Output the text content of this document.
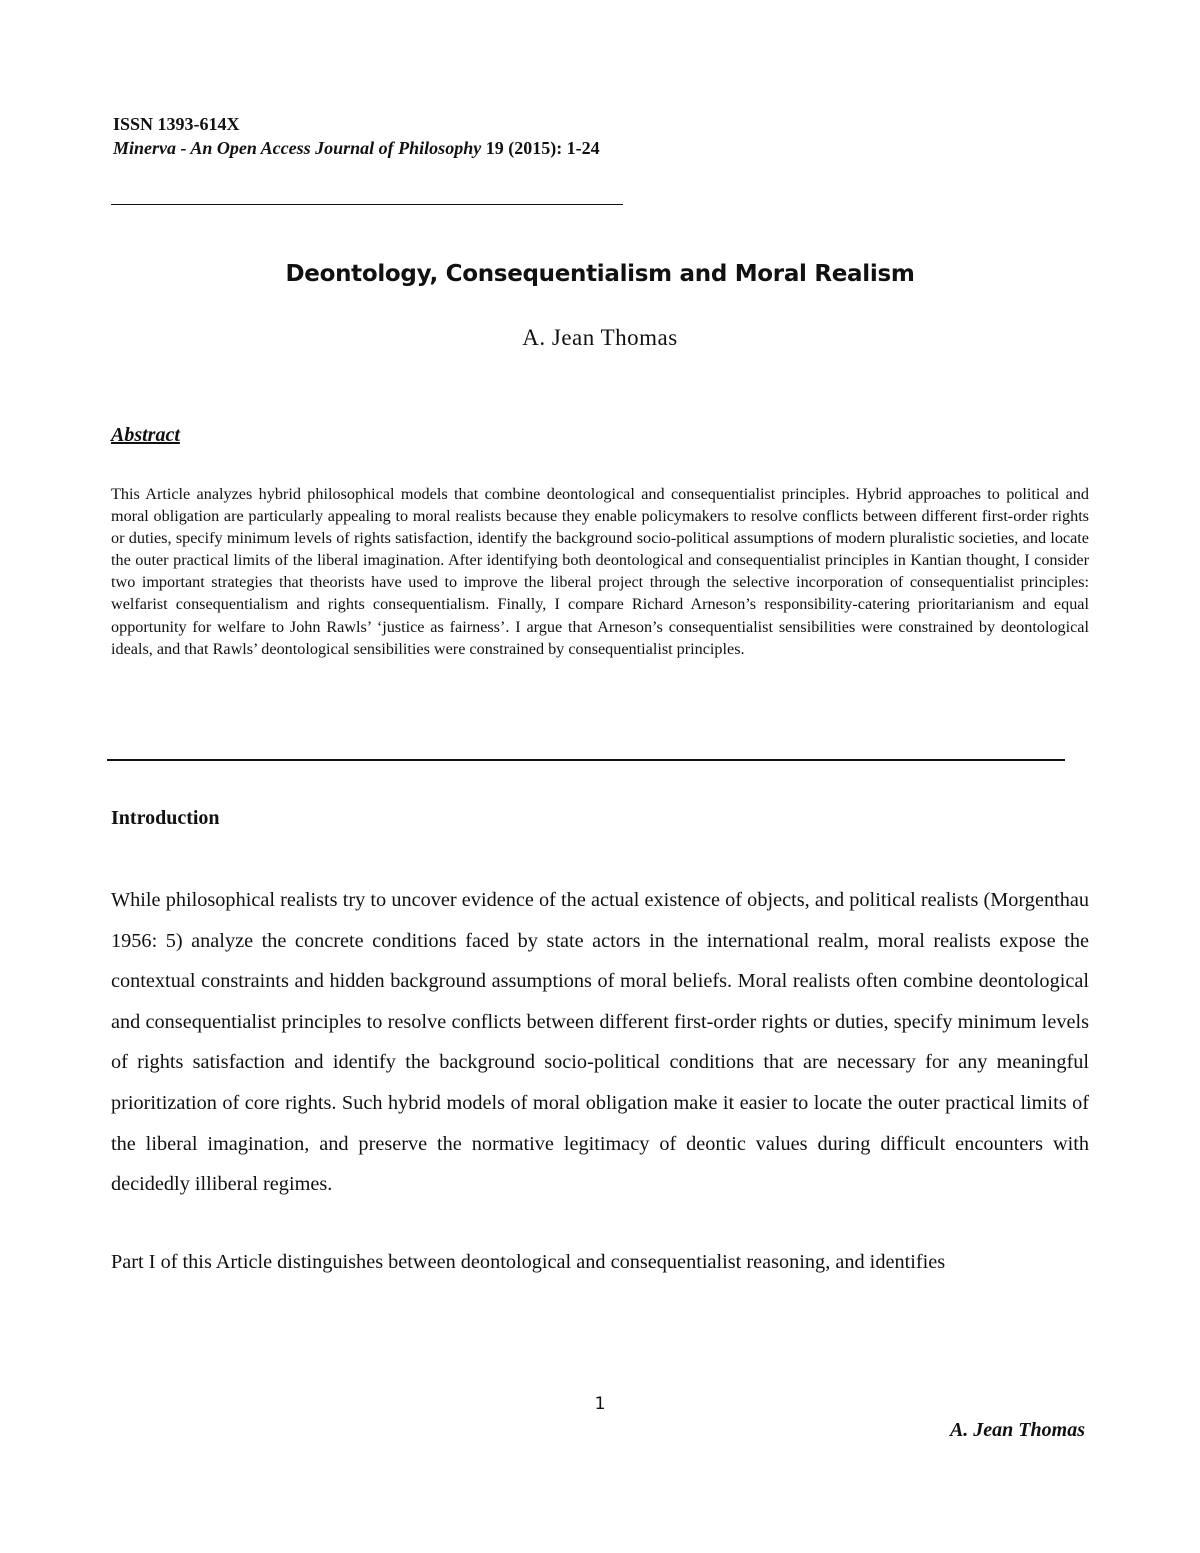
ISSN 1393-614X
Minerva - An Open Access Journal of Philosophy 19 (2015): 1-24
Deontology, Consequentialism and Moral Realism
A. Jean Thomas
Abstract
This Article analyzes hybrid philosophical models that combine deontological and consequentialist principles. Hybrid approaches to political and moral obligation are particularly appealing to moral realists because they enable policymakers to resolve conflicts between different first-order rights or duties, specify minimum levels of rights satisfaction, identify the background socio-political assumptions of modern pluralistic societies, and locate the outer practical limits of the liberal imagination. After identifying both deontological and consequentialist principles in Kantian thought, I consider two important strategies that theorists have used to improve the liberal project through the selective incorporation of consequentialist principles: welfarist consequentialism and rights consequentialism. Finally, I compare Richard Arneson’s responsibility-catering prioritarianism and equal opportunity for welfare to John Rawls’ ‘justice as fairness’. I argue that Arneson’s consequentialist sensibilities were constrained by deontological ideals, and that Rawls’ deontological sensibilities were constrained by consequentialist principles.
Introduction

While philosophical realists try to uncover evidence of the actual existence of objects, and political realists (Morgenthau 1956: 5) analyze the concrete conditions faced by state actors in the international realm, moral realists expose the contextual constraints and hidden background assumptions of moral beliefs. Moral realists often combine deontological and consequentialist principles to resolve conflicts between different first-order rights or duties, specify minimum levels of rights satisfaction and identify the background socio-political conditions that are necessary for any meaningful prioritization of core rights. Such hybrid models of moral obligation make it easier to locate the outer practical limits of the liberal imagination, and preserve the normative legitimacy of deontic values during difficult encounters with decidedly illiberal regimes.

Part I of this Article distinguishes between deontological and consequentialist reasoning, and identifies

1
A. Jean Thomas
